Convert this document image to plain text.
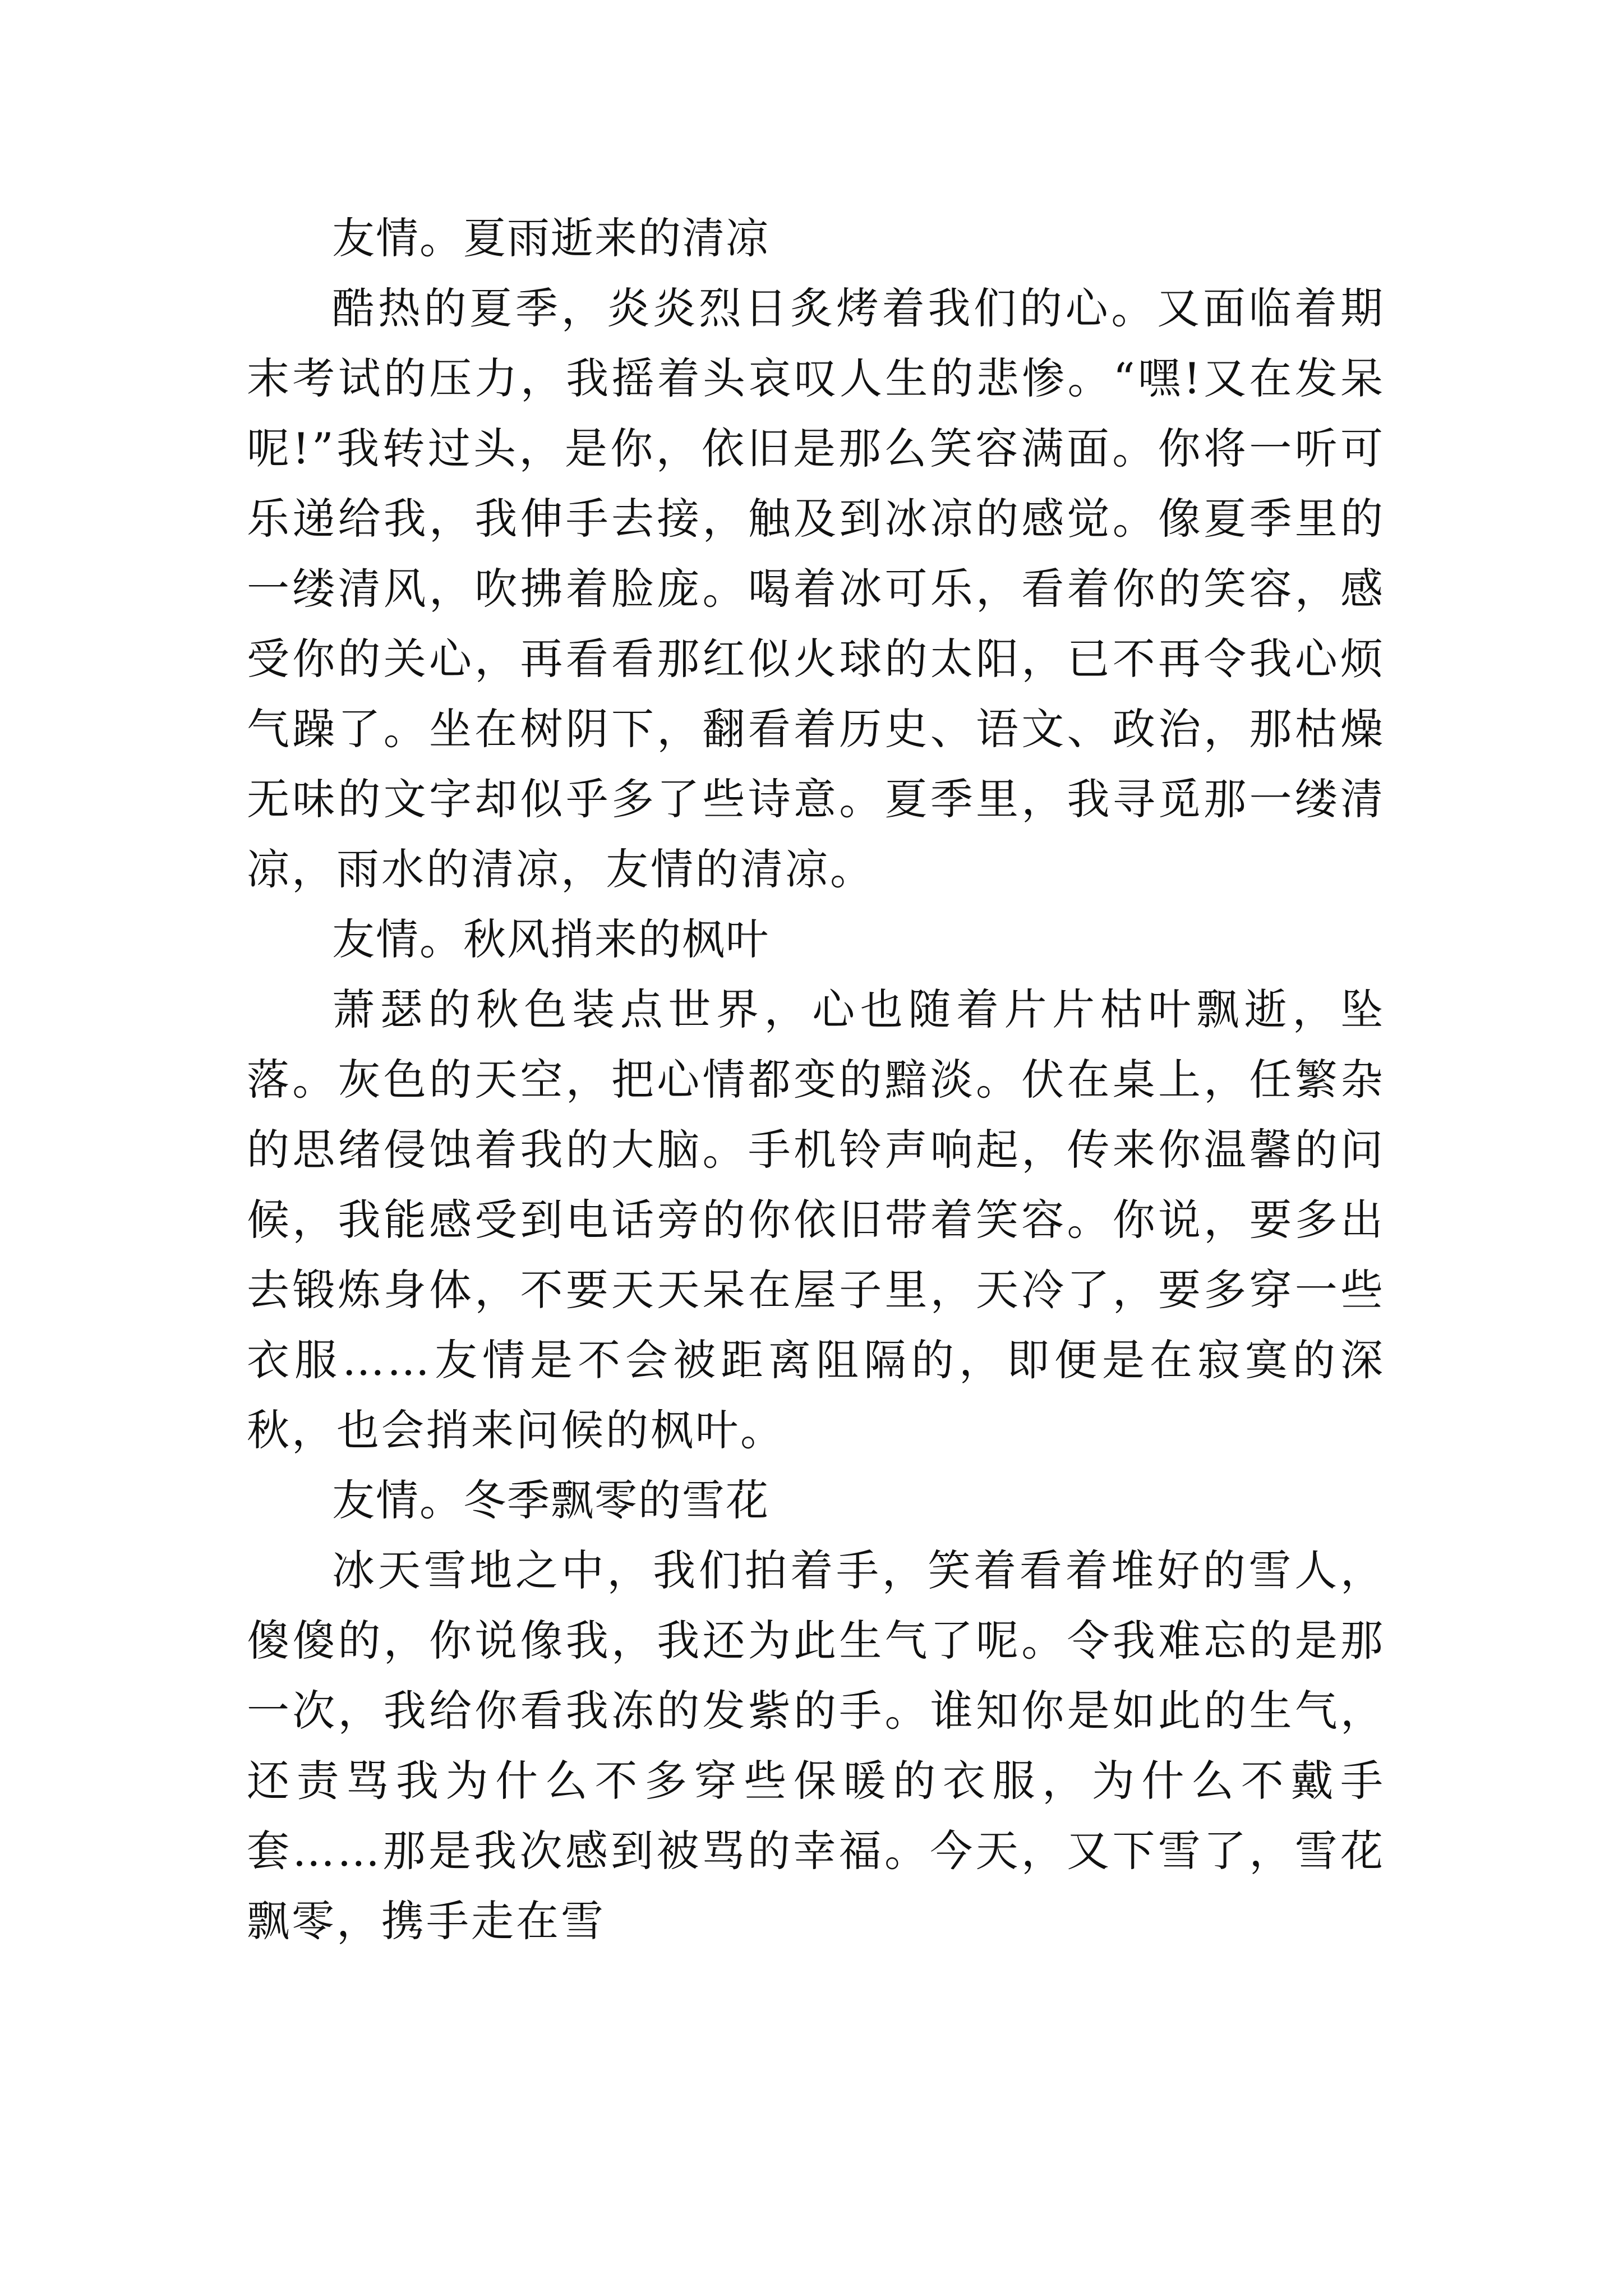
友情。夏雨逝来的清凉

酷热的夏季，炎炎烈日炙烤着我们的心。又面临着期末考试的压力，我摇着头哀叹人生的悲惨。“嘿!又在发呆呢!”我转过头，是你，依旧是那么笑容满面。你将一听可乐递给我，我伸手去接，触及到冰凉的感觉。像夏季里的一缕清风，吹拂着脸庞。喝着冰可乐，看着你的笑容，感受你的关心，再看看那红似火球的太阳，已不再令我心烦气躁了。坐在树阴下，翻看着历史、语文、政治，那枯燥无味的文字却似乎多了些诗意。夏季里，我寻觅那一缕清凉，雨水的清凉，友情的清凉。

友情。秋风捎来的枫叶

萧瑟的秋色装点世界，心也随着片片枯叶飘逝，坠落。灰色的天空，把心情都变的黯淡。伏在桌上，任繁杂的思绪侵蚀着我的大脑。手机铃声响起，传来你温馨的问候，我能感受到电话旁的你依旧带着笑容。你说，要多出去锻炼身体，不要天天呆在屋子里，天冷了，要多穿一些衣服……友情是不会被距离阻隔的，即便是在寂寞的深秋，也会捎来问候的枫叶。

友情。冬季飘零的雪花

冰天雪地之中，我们拍着手，笑着看着堆好的雪人，傻傻的，你说像我，我还为此生气了呢。令我难忘的是那一次，我给你看我冻的发紫的手。谁知你是如此的生气，还责骂我为什么不多穿些保暖的衣服，为什么不戴手套……那是我次感到被骂的幸福。今天，又下雪了，雪花飘零，携手走在雪
